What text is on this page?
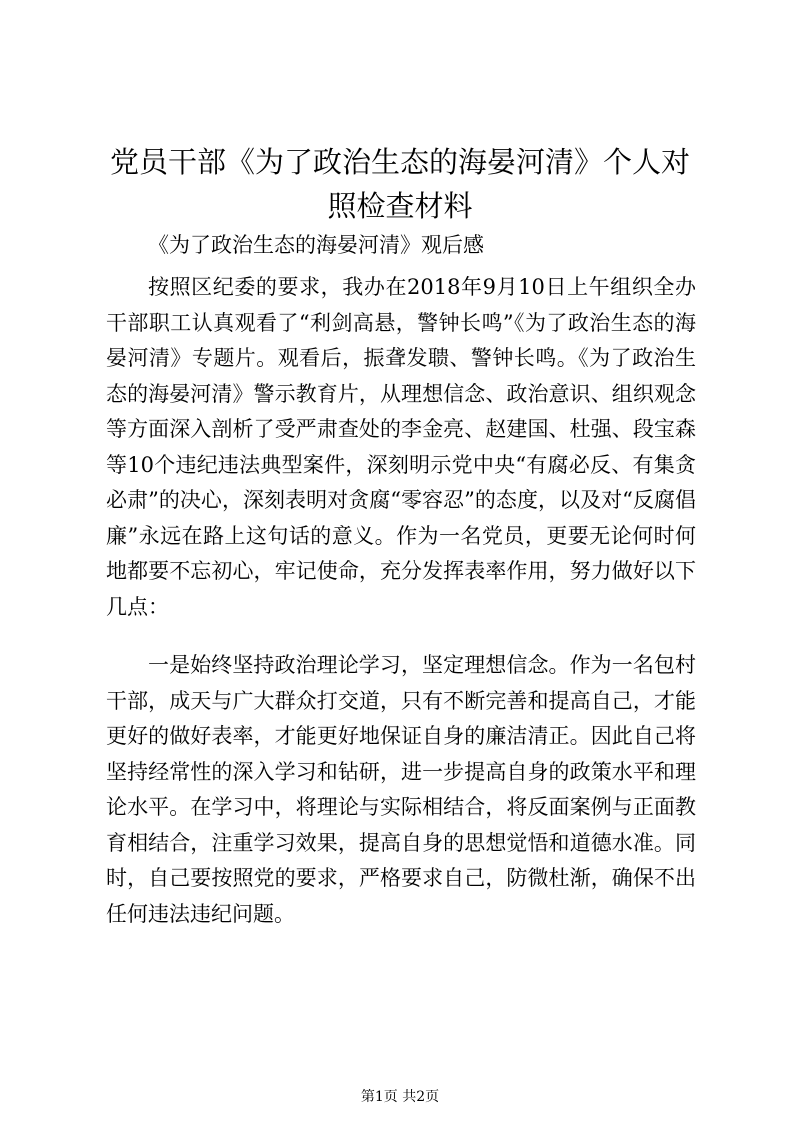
党员干部《为了政治生态的海晏河清》个人对照检查材料

《为了政治生态的海晏河清》观后感

按照区纪委的要求，我办在2018年9月10日上午组织全办干部职工认真观看了“利剑高悬，警钟长鸣”《为了政治生态的海晏河清》专题片。观看后，振聋发聩、警钟长鸣。《为了政治生态的海晏河清》警示教育片，从理想信念、政治意识、组织观念等方面深入剖析了受严肃查处的李金亮、赵建国、杜强、段宝森等10个违纪违法典型案件，深刻明示党中央“有腐必反、有集贪必肃”的决心，深刻表明对贪腐“零容忍”的态度，以及对“反腐倡廉”永远在路上这句话的意义。作为一名党员，更要无论何时何地都要不忘初心，牢记使命，充分发挥表率作用，努力做好以下几点：

一是始终坚持政治理论学习，坚定理想信念。作为一名包村干部，成天与广大群众打交道，只有不断完善和提高自己，才能更好的做好表率，才能更好地保证自身的廉洁清正。因此自己将坚持经常性的深入学习和钻研，进一步提高自身的政策水平和理论水平。在学习中，将理论与实际相结合，将反面案例与正面教育相结合，注重学习效果，提高自身的思想觉悟和道德水准。同时，自己要按照党的要求，严格要求自己，防微杜渐，确保不出任何违法违纪问题。

第1页 共2页
